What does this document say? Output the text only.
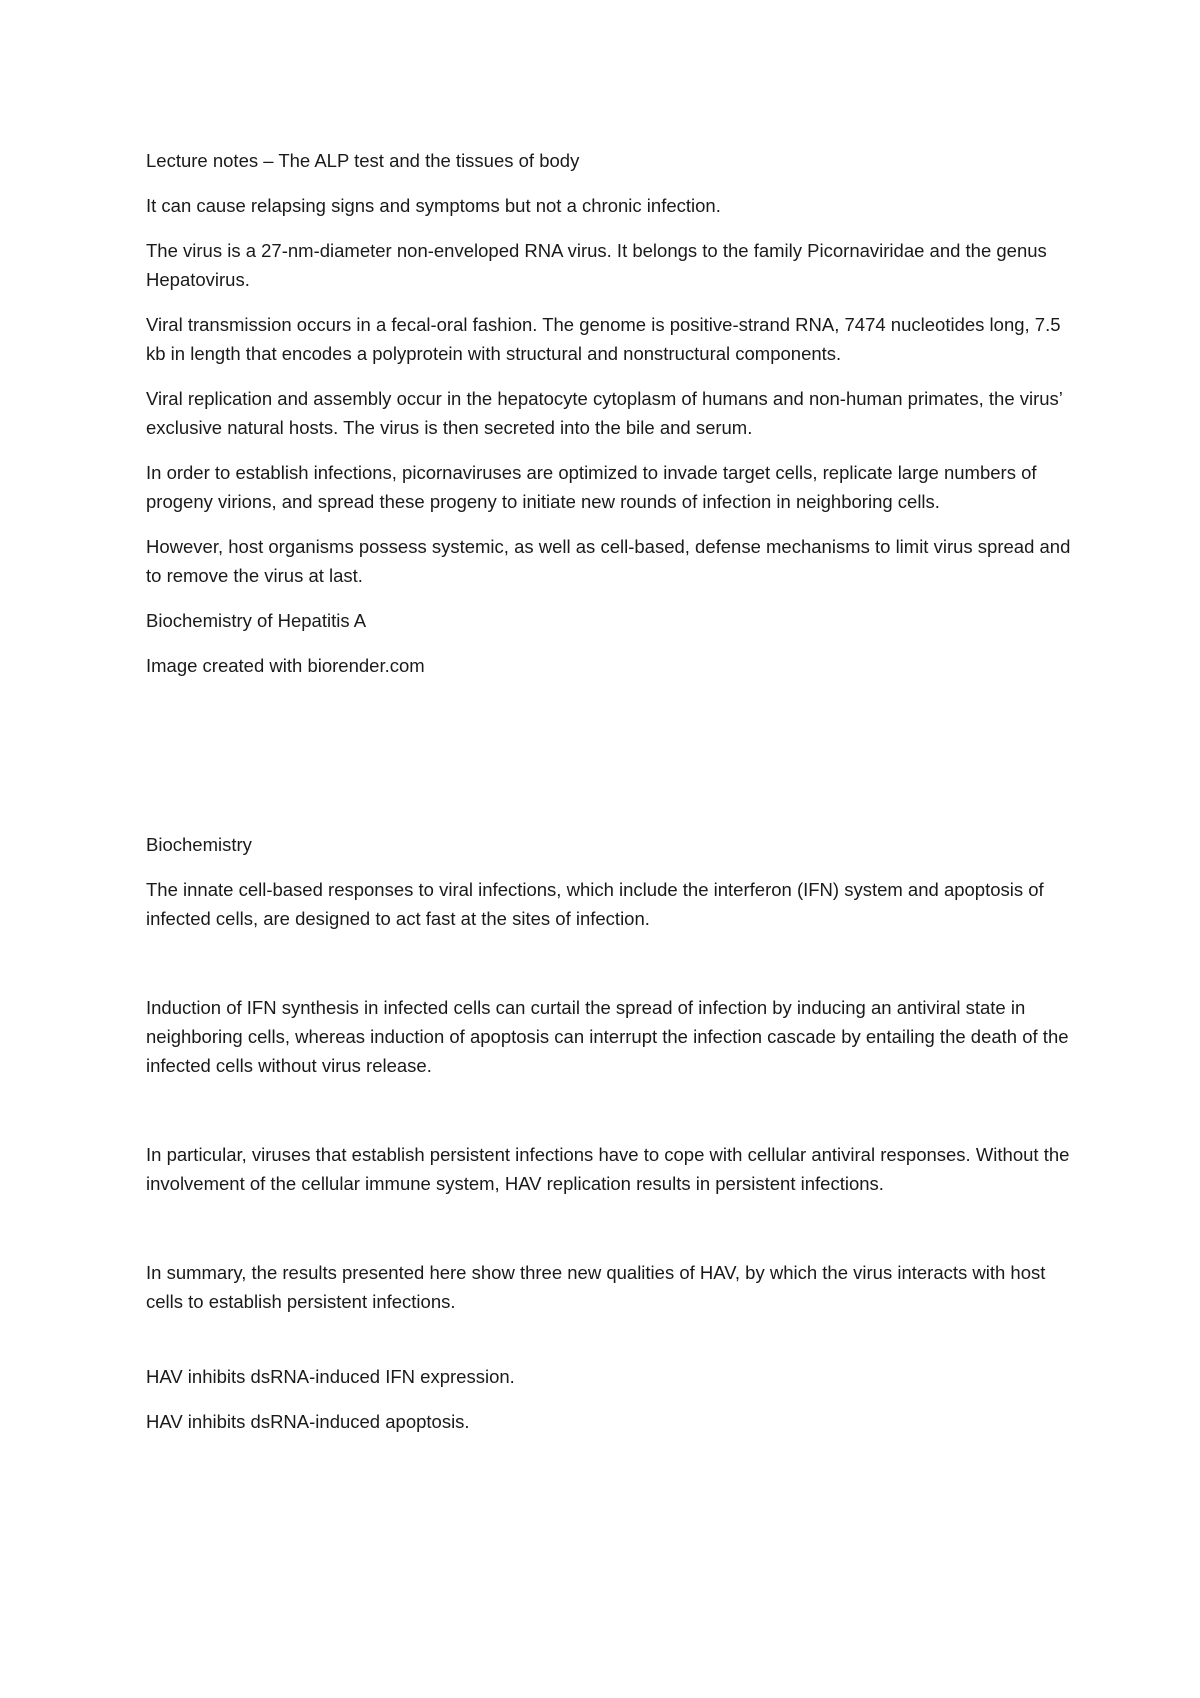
Lecture notes – The ALP test and the tissues of body

It can cause relapsing signs and symptoms but not a chronic infection.

The virus is a 27-nm-diameter non-enveloped RNA virus. It belongs to the family Picornaviridae and the genus Hepatovirus.

Viral transmission occurs in a fecal-oral fashion. The genome is positive-strand RNA, 7474 nucleotides long, 7.5 kb in length that encodes a polyprotein with structural and nonstructural components.

Viral replication and assembly occur in the hepatocyte cytoplasm of humans and non-human primates, the virus’ exclusive natural hosts. The virus is then secreted into the bile and serum.

In order to establish infections, picornaviruses are optimized to invade target cells, replicate large numbers of progeny virions, and spread these progeny to initiate new rounds of infection in neighboring cells.

However, host organisms possess systemic, as well as cell-based, defense mechanisms to limit virus spread and to remove the virus at last.

Biochemistry of Hepatitis A

Image created with biorender.com

Biochemistry

The innate cell-based responses to viral infections, which include the interferon (IFN) system and apoptosis of infected cells, are designed to act fast at the sites of infection.

Induction of IFN synthesis in infected cells can curtail the spread of infection by inducing an antiviral state in neighboring cells, whereas induction of apoptosis can interrupt the infection cascade by entailing the death of the infected cells without virus release.

In particular, viruses that establish persistent infections have to cope with cellular antiviral responses. Without the involvement of the cellular immune system, HAV replication results in persistent infections.

In summary, the results presented here show three new qualities of HAV, by which the virus interacts with host cells to establish persistent infections.

HAV inhibits dsRNA-induced IFN expression.

HAV inhibits dsRNA-induced apoptosis.
